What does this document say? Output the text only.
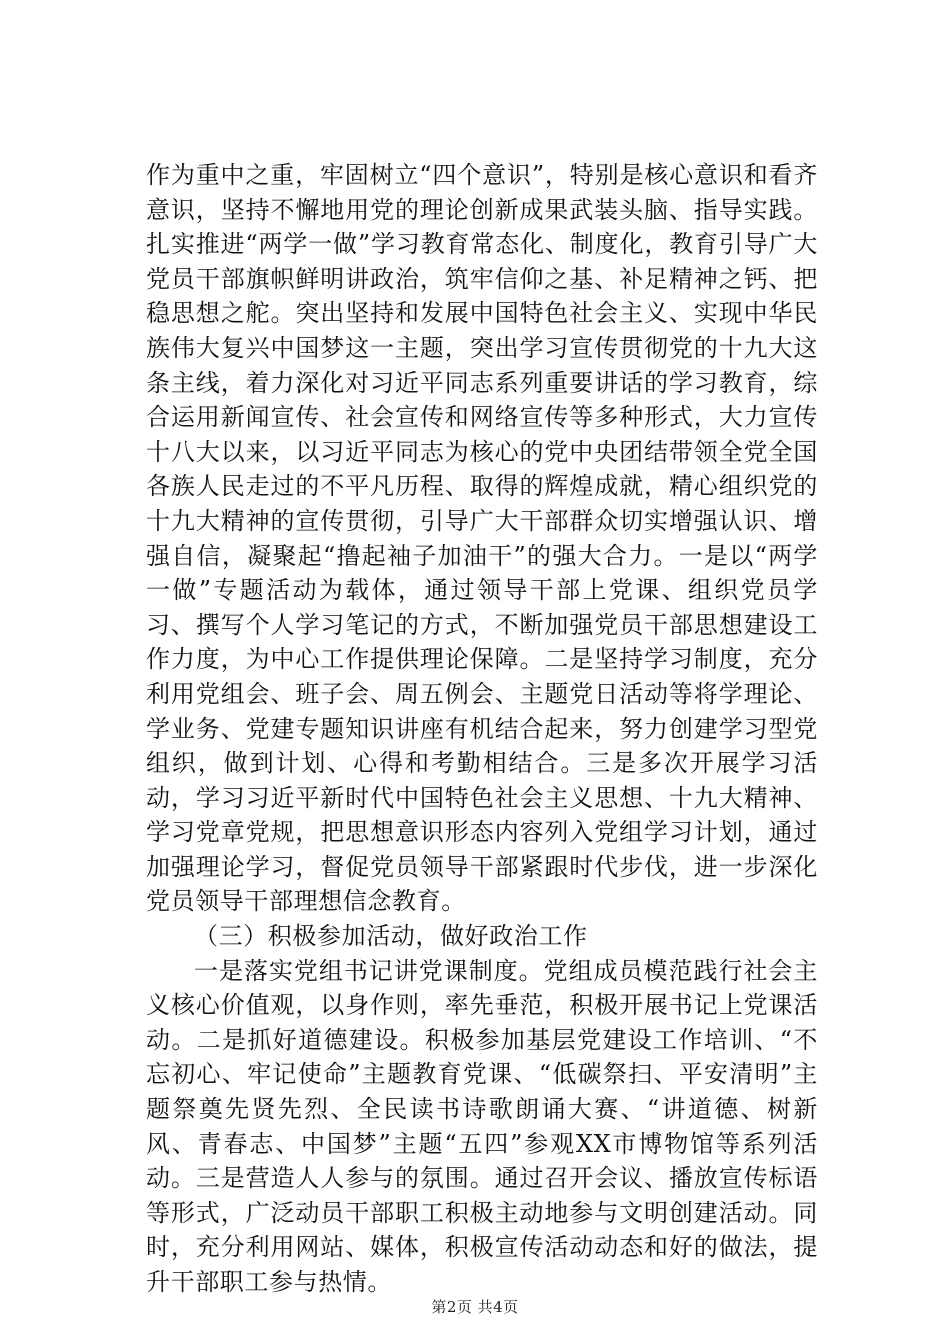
作为重中之重，牢固树立“四个意识”，特别是核心意识和看齐意识，坚持不懈地用党的理论创新成果武装头脑、指导实践。扎实推进“两学一做”学习教育常态化、制度化，教育引导广大党员干部旗帜鲜明讲政治，筑牢信仰之基、补足精神之钙、把稳思想之舵。突出坚持和发展中国特色社会主义、实现中华民族伟大复兴中国梦这一主题，突出学习宣传贯彻党的十九大这条主线，着力深化对习近平同志系列重要讲话的学习教育，综合运用新闻宣传、社会宣传和网络宣传等多种形式，大力宣传十八大以来，以习近平同志为核心的党中央团结带领全党全国各族人民走过的不平凡历程、取得的辉煌成就，精心组织党的十九大精神的宣传贯彻，引导广大干部群众切实增强认识、增强自信，凝聚起“撸起袖子加油干”的强大合力。一是以“两学一做”专题活动为载体，通过领导干部上党课、组织党员学习、撰写个人学习笔记的方式，不断加强党员干部思想建设工作力度，为中心工作提供理论保障。二是坚持学习制度，充分利用党组会、班子会、周五例会、主题党日活动等将学理论、学业务、党建专题知识讲座有机结合起来，努力创建学习型党组织，做到计划、心得和考勤相结合。三是多次开展学习活动，学习习近平新时代中国特色社会主义思想、十九大精神、学习党章党规，把思想意识形态内容列入党组学习计划，通过加强理论学习，督促党员领导干部紧跟时代步伐，进一步深化党员领导干部理想信念教育。

（三）积极参加活动，做好政治工作

一是落实党组书记讲党课制度。党组成员模范践行社会主义核心价值观，以身作则，率先垂范，积极开展书记上党课活动。二是抓好道德建设。积极参加基层党建设工作培训、“不忘初心、牢记使命”主题教育党课、“低碳祭扫、平安清明”主题祭奠先贤先烈、全民读书诗歌朗诵大赛、“讲道德、树新风、青春志、中国梦”主题“五四”参观XX市博物馆等系列活动。三是营造人人参与的氛围。通过召开会议、播放宣传标语等形式，广泛动员干部职工积极主动地参与文明创建活动。同时，充分利用网站、媒体，积极宣传活动动态和好的做法，提升干部职工参与热情。

第2页 共4页
